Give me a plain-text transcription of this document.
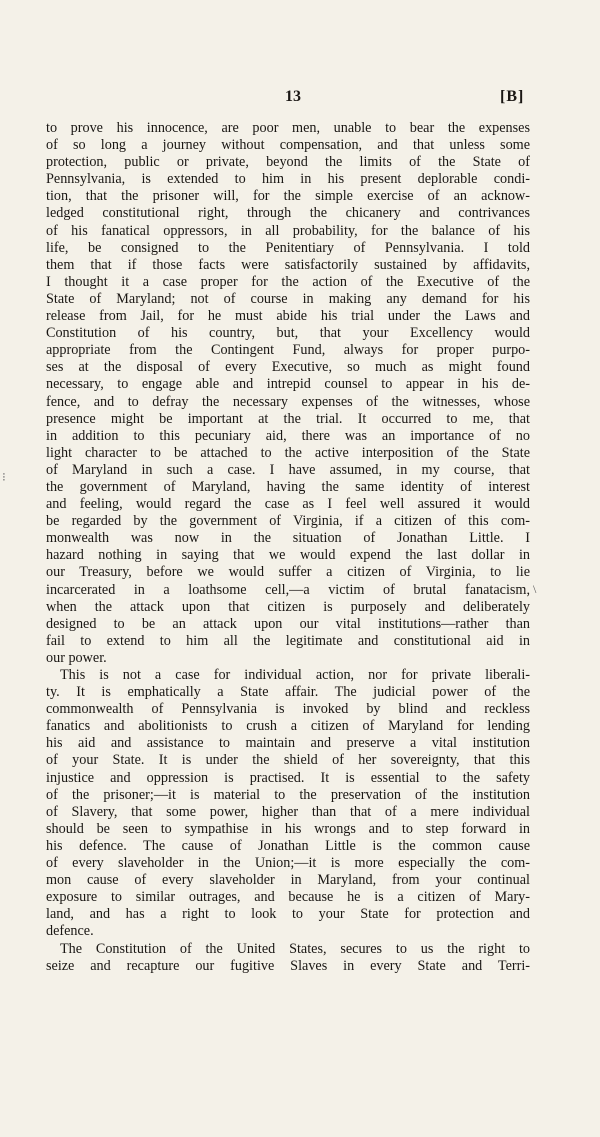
13	[B]
⁝
\
to prove his innocence, are poor men, unable to bear the expenses
of so long a journey without compensation, and that unless some
protection, public or private, beyond the limits of the State of
Pennsylvania, is extended to him in his present deplorable condi-
tion, that the prisoner will, for the simple exercise of an acknow-
ledged constitutional right, through the chicanery and contrivances
of his fanatical oppressors, in all probability, for the balance of his
life, be consigned to the Penitentiary of Pennsylvania. I told
them that if those facts were satisfactorily sustained by affidavits,
I thought it a case proper for the action of the Executive of the
State of Maryland; not of course in making any demand for his
release from Jail, for he must abide his trial under the Laws and
Constitution of his country, but, that your Excellency would
appropriate from the Contingent Fund, always for proper purpo-
ses at the disposal of every Executive, so much as might found
necessary, to engage able and intrepid counsel to appear in his de-
fence, and to defray the necessary expenses of the witnesses, whose
presence might be important at the trial. It occurred to me, that
in addition to this pecuniary aid, there was an importance of no
light character to be attached to the active interposition of the State
of Maryland in such a case. I have assumed, in my course, that
the government of Maryland, having the same identity of interest
and feeling, would regard the case as I feel well assured it would
be regarded by the government of Virginia, if a citizen of this com-
monwealth was now in the situation of Jonathan Little. I
hazard nothing in saying that we would expend the last dollar in
our Treasury, before we would suffer a citizen of Virginia, to lie
incarcerated in a loathsome cell,—a victim of brutal fanatacism,
when the attack upon that citizen is purposely and deliberately
designed to be an attack upon our vital institutions—rather than
fail to extend to him all the legitimate and constitutional aid in
our power.
This is not a case for individual action, nor for private liberali-
ty. It is emphatically a State affair. The judicial power of the
commonwealth of Pennsylvania is invoked by blind and reckless
fanatics and abolitionists to crush a citizen of Maryland for lending
his aid and assistance to maintain and preserve a vital institution
of your State. It is under the shield of her sovereignty, that this
injustice and oppression is practised. It is essential to the safety
of the prisoner;—it is material to the preservation of the institution
of Slavery, that some power, higher than that of a mere individual
should be seen to sympathise in his wrongs and to step forward in
his defence. The cause of Jonathan Little is the common cause
of every slaveholder in the Union;—it is more especially the com-
mon cause of every slaveholder in Maryland, from your continual
exposure to similar outrages, and because he is a citizen of Mary-
land, and has a right to look to your State for protection and
defence.
The Constitution of the United States, secures to us the right to
seize and recapture our fugitive Slaves in every State and Terri-
